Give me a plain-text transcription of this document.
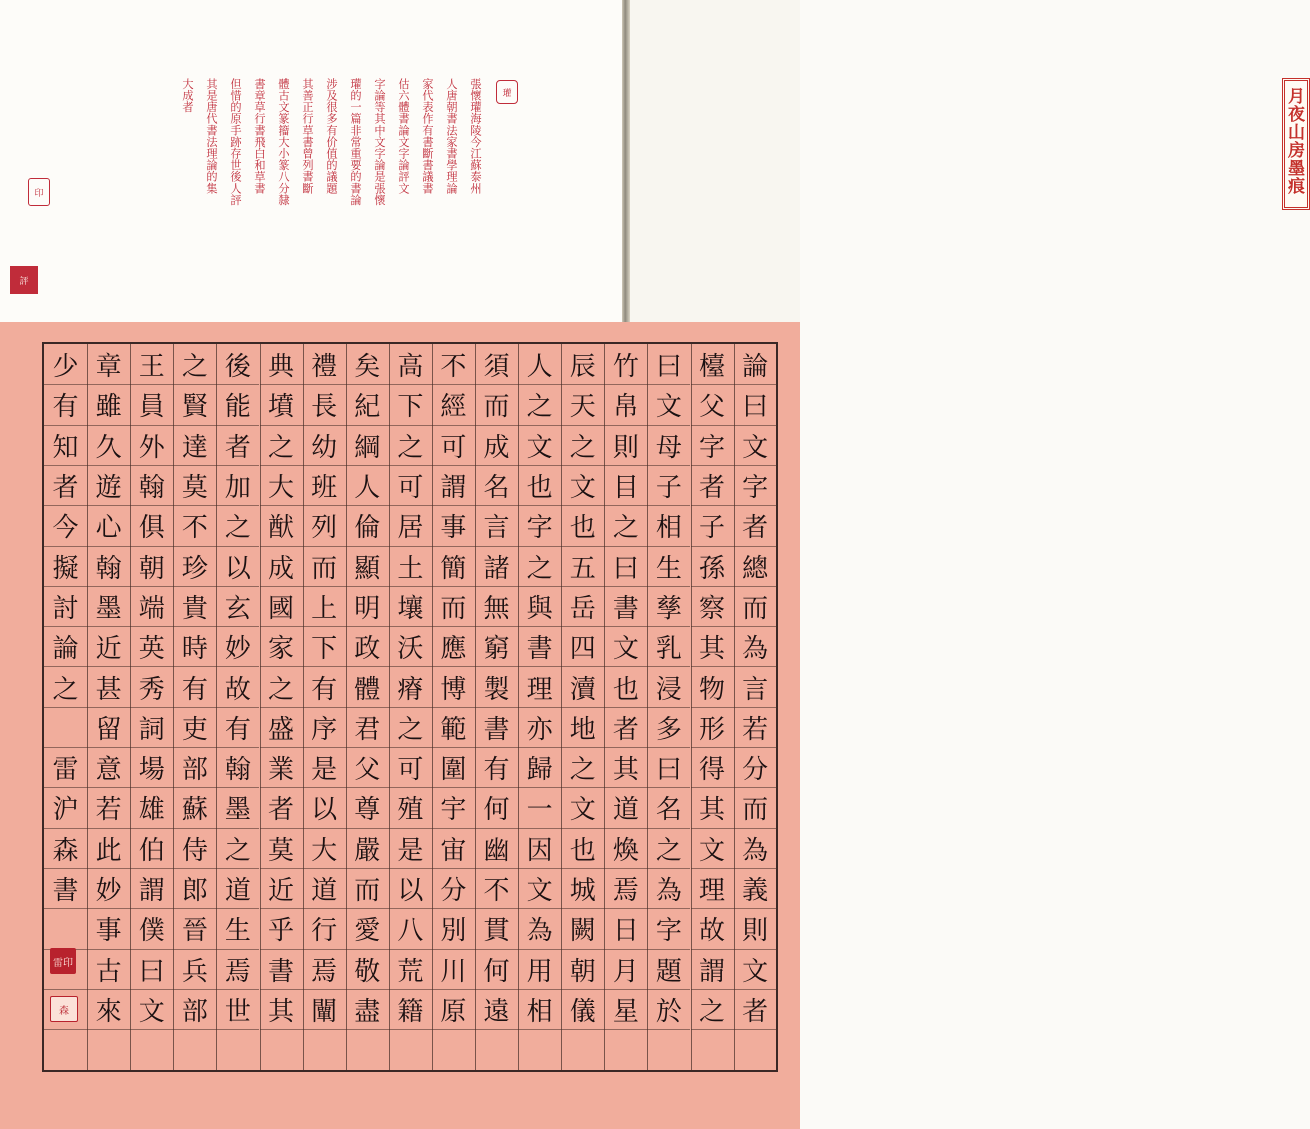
瓘
張懷瓘海陵今江蘇泰州
人唐朝書法家書學理論
家代表作有書斷書議書
估六體書論文字論評文
字論等其中文字論是張懷
瓘的一篇非常重要的書論
涉及很多有价值的議題
其善正行草書曾列書斷
體古文篆籀大小篆八分隸
書章草行書飛白和草書
但惜的原手跡存世後人評
其是唐代書法理論的集
大成者
印
評
月夜山房墨痕
論
曰
文
字
者
總
而
為
言
若
分
而
為
義
則
文
者
檯
父
字
者
子
孫
察
其
物
形
得
其
文
理
故
謂
之
曰
文
母
子
相
生
孳
乳
浸
多
曰
名
之
為
字
題
於
竹
帛
則
目
之
曰
書
文
也
者
其
道
煥
焉
日
月
星
辰
天
之
文
也
五
岳
四
瀆
地
之
文
也
城
闕
朝
儀
人
之
文
也
字
之
與
書
理
亦
歸
一
因
文
為
用
相
須
而
成
名
言
諸
無
窮
製
書
有
何
幽
不
貫
何
遠
不
經
可
謂
事
簡
而
應
博
範
圍
宇
宙
分
別
川
原
高
下
之
可
居
土
壤
沃
瘠
之
可
殖
是
以
八
荒
籍
矣
紀
綱
人
倫
顯
明
政
體
君
父
尊
嚴
而
愛
敬
盡
禮
長
幼
班
列
而
上
下
有
序
是
以
大
道
行
焉
闡
典
墳
之
大
猷
成
國
家
之
盛
業
者
莫
近
乎
書
其
後
能
者
加
之
以
玄
妙
故
有
翰
墨
之
道
生
焉
世
之
賢
達
莫
不
珍
貴
時
有
吏
部
蘇
侍
郎
晉
兵
部
王
員
外
翰
俱
朝
端
英
秀
詞
場
雄
伯
謂
僕
曰
文
章
雖
久
遊
心
翰
墨
近
甚
留
意
若
此
妙
事
古
來
少
有
知
者
今
擬
討
論
之
雷
沪
森
書
雷印
森
